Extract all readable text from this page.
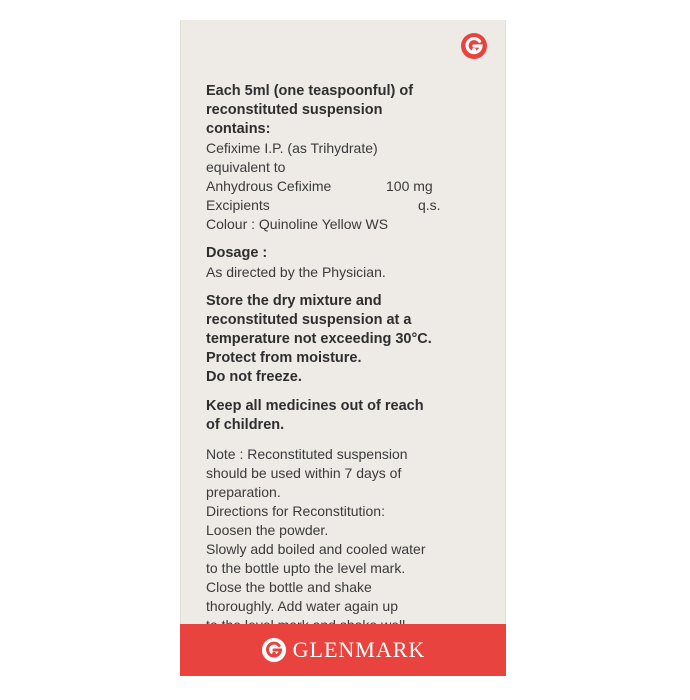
Each 5ml (one teaspoonful) of
reconstituted suspension
contains:
Cefixime I.P. (as Trihydrate)
equivalent to
Anhydrous Cefixime	100 mg
Excipients	q.s.
Colour : Quinoline Yellow WS
Dosage :
As directed by the Physician.
Store the dry mixture and
reconstituted suspension at a
temperature not exceeding 30°C.
Protect from moisture.
Do not freeze.
Keep all medicines out of reach
of children.
Note : Reconstituted suspension
should be used within 7 days of
preparation.
Directions for Reconstitution:
Loosen the powder.
Slowly add boiled and cooled water
to the bottle upto the level mark.
Close the bottle and shake
thoroughly. Add water again up
GLENMARK
